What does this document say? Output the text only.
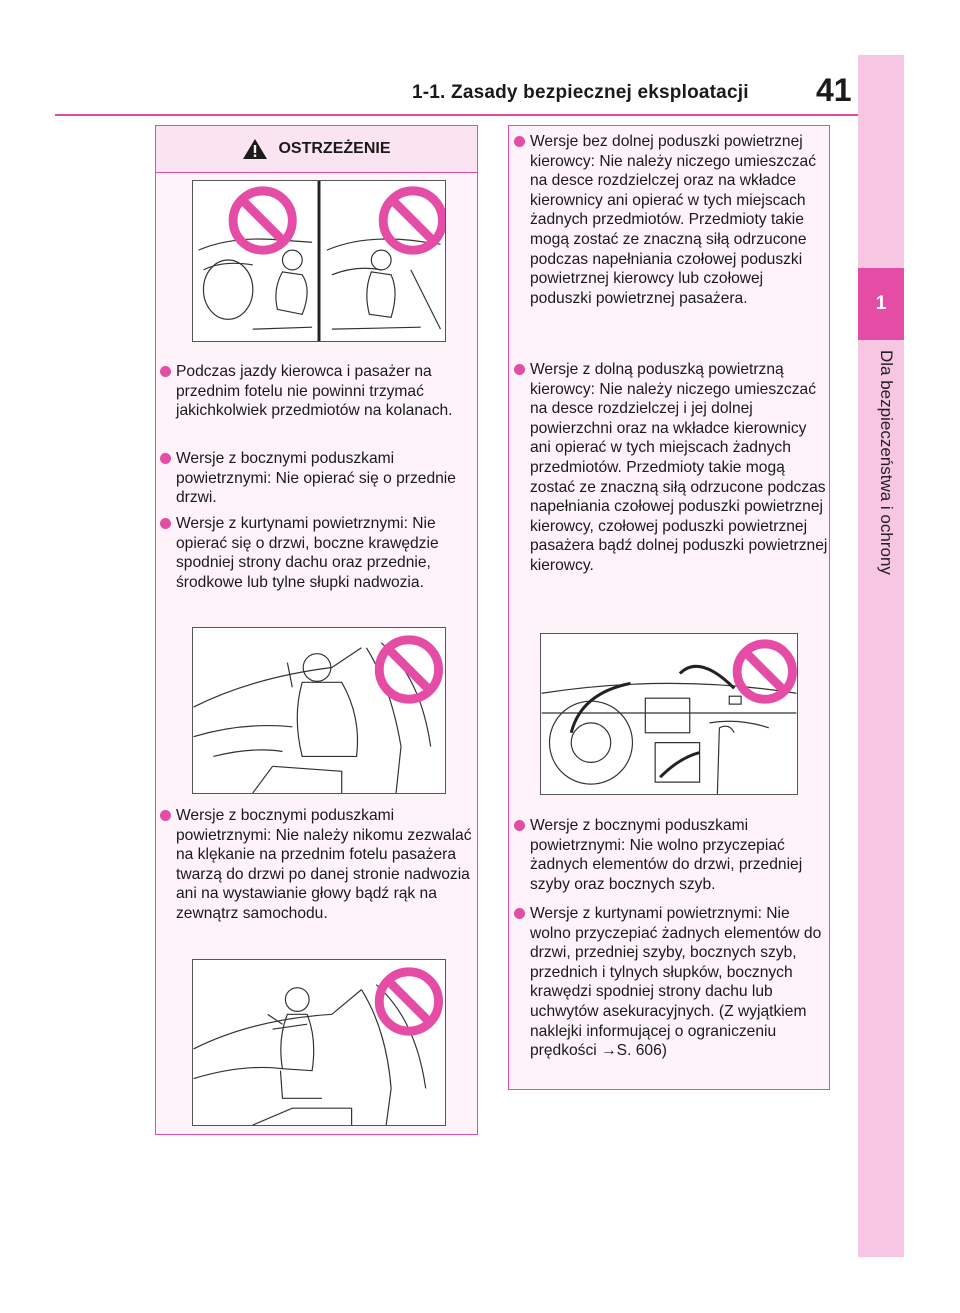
1-1. Zasady bezpiecznej eksploatacji 41
1
Dla bezpieczeństwa i ochrony
OSTRZEŻENIE
Podczas jazdy kierowca i pasażer na przednim fotelu nie powinni trzymać jakichkolwiek przedmiotów na kolanach.
Wersje z bocznymi poduszkami powietrznymi: Nie opierać się o przednie drzwi.
Wersje z kurtynami powietrznymi: Nie opierać się o drzwi, boczne krawędzie spodniej strony dachu oraz przednie, środkowe lub tylne słupki nadwozia.
Wersje z bocznymi poduszkami powietrznymi: Nie należy nikomu zezwalać na klękanie na przednim fotelu pasażera twarzą do drzwi po danej stronie nadwozia ani na wystawianie głowy bądź rąk na zewnątrz samochodu.
Wersje bez dolnej poduszki powietrznej kierowcy: Nie należy niczego umieszczać na desce rozdzielczej oraz na wkładce kierownicy ani opierać w tych miejscach żadnych przedmiotów. Przedmioty takie mogą zostać ze znaczną siłą odrzucone podczas napełniania czołowej poduszki powietrznej kierowcy lub czołowej poduszki powietrznej pasażera.
Wersje z dolną poduszką powietrzną kierowcy: Nie należy niczego umieszczać na desce rozdzielczej i jej dolnej powierzchni oraz na wkładce kierownicy ani opierać w tych miejscach żadnych przedmiotów. Przedmioty takie mogą zostać ze znaczną siłą odrzucone podczas napełniania czołowej poduszki powietrznej kierowcy, czołowej poduszki powietrznej pasażera bądź dolnej poduszki powietrznej kierowcy.
Wersje z bocznymi poduszkami powietrznymi: Nie wolno przyczepiać żadnych elementów do drzwi, przedniej szyby oraz bocznych szyb.
Wersje z kurtynami powietrznymi: Nie wolno przyczepiać żadnych elementów do drzwi, przedniej szyby, bocznych szyb, przednich i tylnych słupków, bocznych krawędzi spodniej strony dachu lub uchwytów asekuracyjnych. (Z wyjątkiem naklejki informującej o ograniczeniu prędkości →S. 606)
